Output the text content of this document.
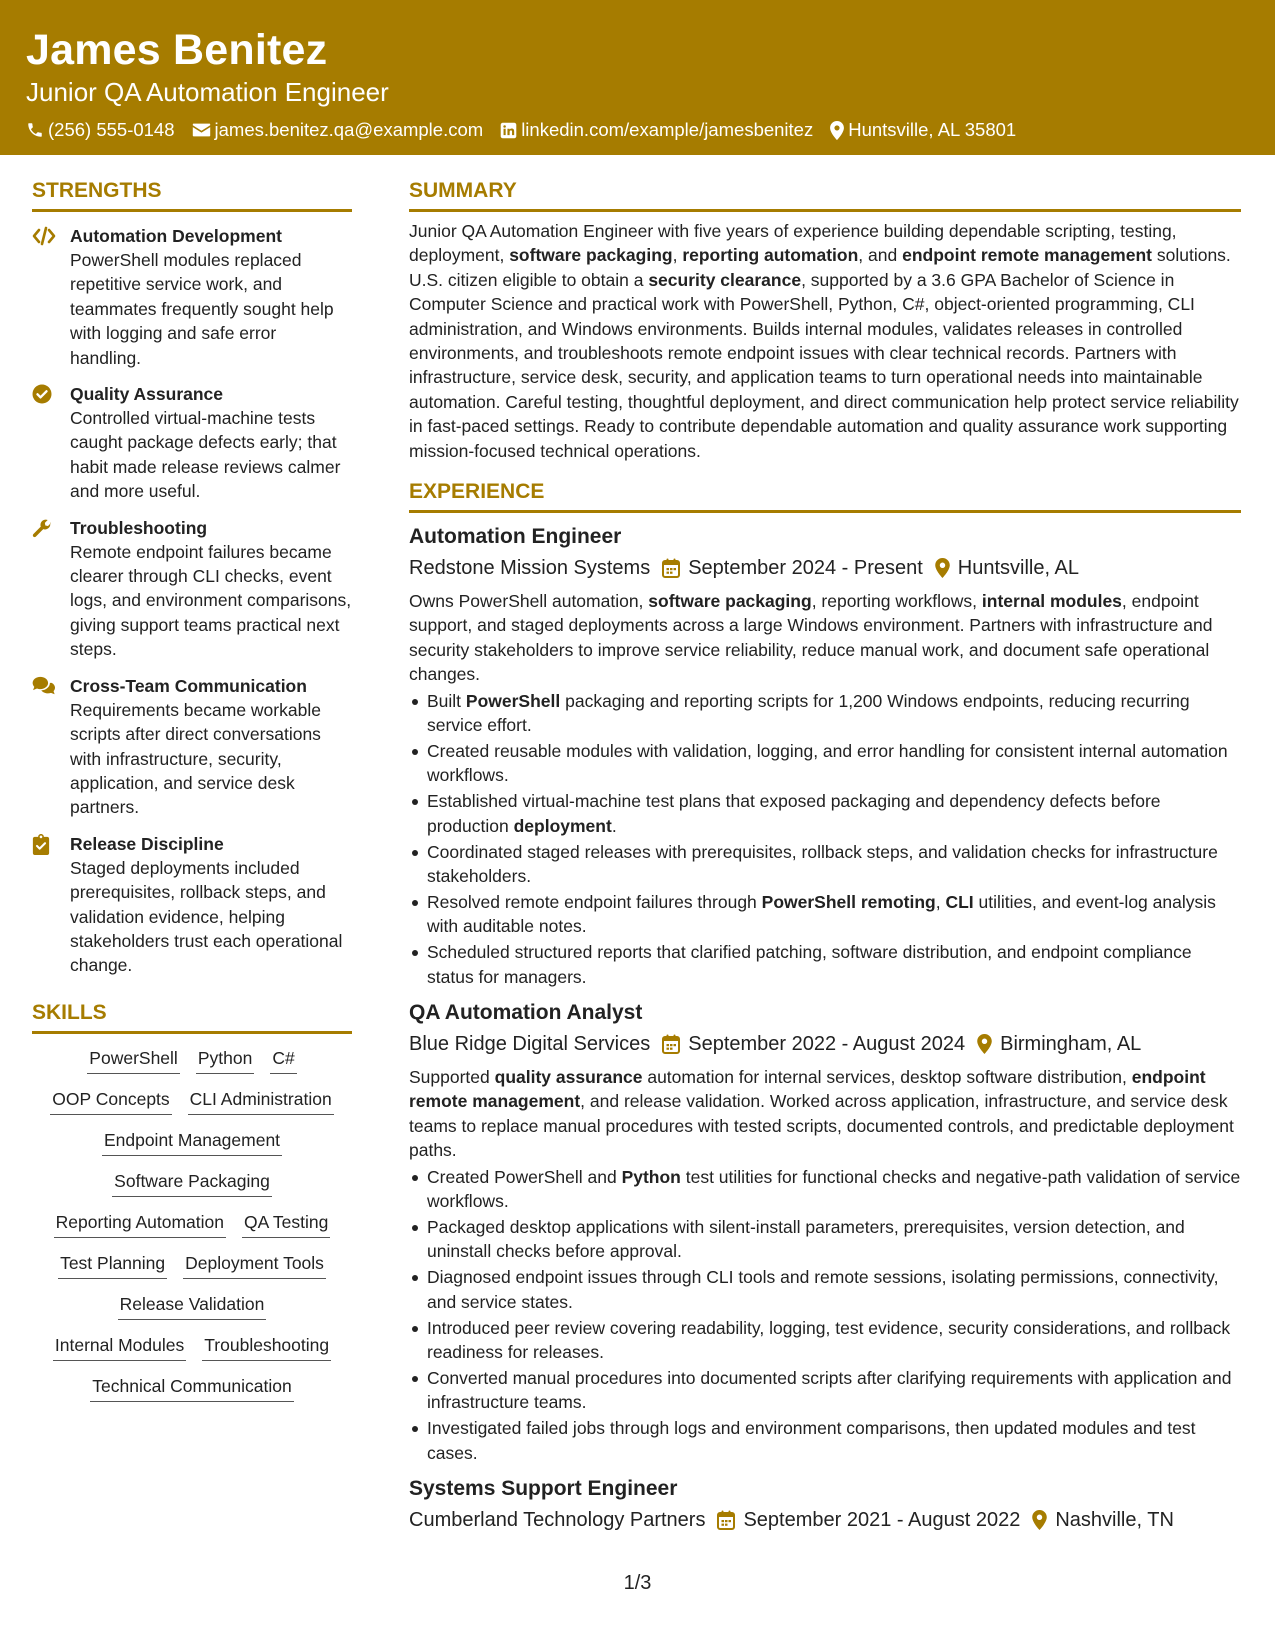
James Benitez
Junior QA Automation Engineer
(256) 555-0148 james.benitez.qa@example.com linkedin.com/example/jamesbenitez Huntsville, AL 35801
STRENGTHS
Automation Development
PowerShell modules replaced repetitive service work, and teammates frequently sought help with logging and safe error handling.
Quality Assurance
Controlled virtual-machine tests caught package defects early; that habit made release reviews calmer and more useful.
Troubleshooting
Remote endpoint failures became clearer through CLI checks, event logs, and environment comparisons, giving support teams practical next steps.
Cross-Team Communication
Requirements became workable scripts after direct conversations with infrastructure, security, application, and service desk partners.
Release Discipline
Staged deployments included prerequisites, rollback steps, and validation evidence, helping stakeholders trust each operational change.
SKILLS
PowerShell Python C#
OOP Concepts CLI Administration
Endpoint Management
Software Packaging
Reporting Automation QA Testing
Test Planning Deployment Tools
Release Validation
Internal Modules Troubleshooting
Technical Communication
SUMMARY

Junior QA Automation Engineer with five years of experience building dependable scripting, testing, deployment, software packaging, reporting automation, and endpoint remote management solutions. U.S. citizen eligible to obtain a security clearance, supported by a 3.6 GPA Bachelor of Science in Computer Science and practical work with PowerShell, Python, C#, object-oriented programming, CLI administration, and Windows environments. Builds internal modules, validates releases in controlled environments, and troubleshoots remote endpoint issues with clear technical records. Partners with infrastructure, service desk, security, and application teams to turn operational needs into maintainable automation. Careful testing, thoughtful deployment, and direct communication help protect service reliability in fast-paced settings. Ready to contribute dependable automation and quality assurance work supporting mission-focused technical operations.

EXPERIENCE
Automation Engineer
Redstone Mission Systems September 2024 - Present Huntsville, AL

Owns PowerShell automation, software packaging, reporting workflows, internal modules, endpoint support, and staged deployments across a large Windows environment. Partners with infrastructure and security stakeholders to improve service reliability, reduce manual work, and document safe operational changes.

Built PowerShell packaging and reporting scripts for 1,200 Windows endpoints, reducing recurring service effort.
Created reusable modules with validation, logging, and error handling for consistent internal automation workflows.
Established virtual-machine test plans that exposed packaging and dependency defects before production deployment.
Coordinated staged releases with prerequisites, rollback steps, and validation checks for infrastructure stakeholders.
Resolved remote endpoint failures through PowerShell remoting, CLI utilities, and event-log analysis with auditable notes.
Scheduled structured reports that clarified patching, software distribution, and endpoint compliance status for managers.
QA Automation Analyst
Blue Ridge Digital Services September 2022 - August 2024 Birmingham, AL

Supported quality assurance automation for internal services, desktop software distribution, endpoint remote management, and release validation. Worked across application, infrastructure, and service desk teams to replace manual procedures with tested scripts, documented controls, and predictable deployment paths.

Created PowerShell and Python test utilities for functional checks and negative-path validation of service workflows.
Packaged desktop applications with silent-install parameters, prerequisites, version detection, and uninstall checks before approval.
Diagnosed endpoint issues through CLI tools and remote sessions, isolating permissions, connectivity, and service states.
Introduced peer review covering readability, logging, test evidence, security considerations, and rollback readiness for releases.
Converted manual procedures into documented scripts after clarifying requirements with application and infrastructure teams.
Investigated failed jobs through logs and environment comparisons, then updated modules and test cases.
Systems Support Engineer
Cumberland Technology Partners September 2021 - August 2022 Nashville, TN
1/3
